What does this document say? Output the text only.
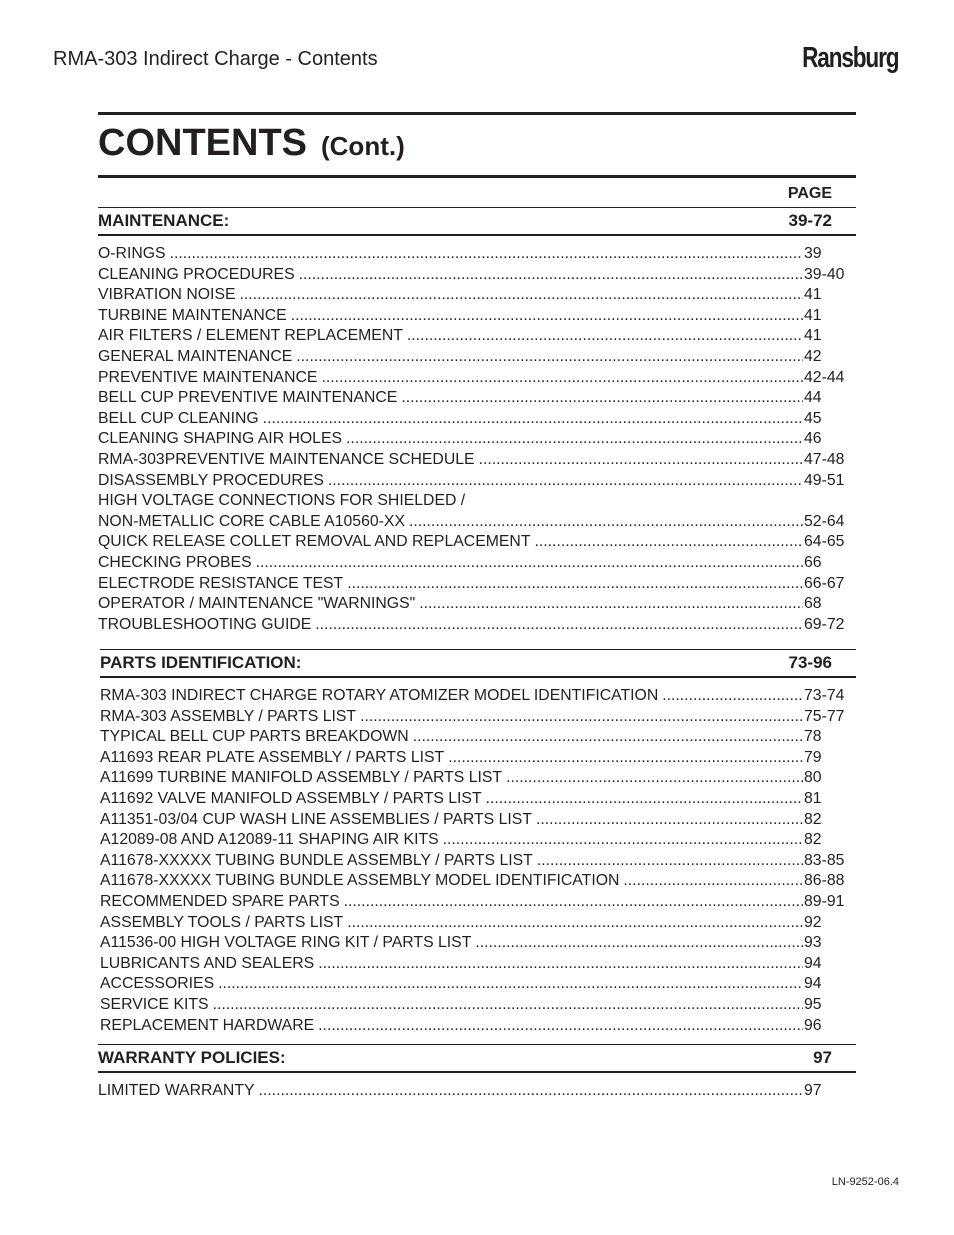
RMA-303 Indirect Charge - Contents	Ransburg
CONTENTS (Cont.)
PAGE
MAINTENANCE:	39-72
O-RINGS .....	39
CLEANING PROCEDURES .....	39-40
VIBRATION NOISE .....	41
TURBINE MAINTENANCE .....	41
AIR FILTERS / ELEMENT REPLACEMENT .....	41
GENERAL MAINTENANCE .....	42
PREVENTIVE MAINTENANCE .....	42-44
BELL CUP PREVENTIVE MAINTENANCE .....	44
BELL CUP CLEANING .....	45
CLEANING SHAPING AIR HOLES .....	46
RMA-303PREVENTIVE MAINTENANCE SCHEDULE .....	47-48
DISASSEMBLY PROCEDURES .....	49-51
HIGH VOLTAGE CONNECTIONS FOR SHIELDED /
NON-METALLIC CORE CABLE A10560-XX .....	52-64
QUICK RELEASE COLLET REMOVAL AND REPLACEMENT .....	64-65
CHECKING PROBES .....	66
ELECTRODE RESISTANCE TEST .....	66-67
OPERATOR / MAINTENANCE "WARNINGS" .....	68
TROUBLESHOOTING GUIDE .....	69-72
PARTS IDENTIFICATION:	73-96
RMA-303 INDIRECT CHARGE ROTARY ATOMIZER MODEL IDENTIFICATION .....	73-74
RMA-303 ASSEMBLY / PARTS LIST .....	75-77
TYPICAL BELL CUP PARTS BREAKDOWN .....	78
A11693 REAR PLATE ASSEMBLY / PARTS LIST .....	79
A11699 TURBINE MANIFOLD ASSEMBLY / PARTS LIST .....	80
A11692 VALVE MANIFOLD ASSEMBLY / PARTS LIST .....	81
A11351-03/04 CUP WASH LINE ASSEMBLIES / PARTS LIST .....	82
A12089-08 AND A12089-11 SHAPING AIR KITS .....	82
A11678-XXXXX TUBING BUNDLE ASSEMBLY / PARTS LIST .....	83-85
A11678-XXXXX TUBING BUNDLE ASSEMBLY MODEL IDENTIFICATION .....	86-88
RECOMMENDED SPARE PARTS .....	89-91
ASSEMBLY TOOLS / PARTS LIST .....	92
A11536-00 HIGH VOLTAGE RING KIT / PARTS LIST .....	93
LUBRICANTS AND SEALERS .....	94
ACCESSORIES .....	94
SERVICE KITS .....	95
REPLACEMENT HARDWARE .....	96
WARRANTY POLICIES:	97
LIMITED WARRANTY .....	97
LN-9252-06.4
